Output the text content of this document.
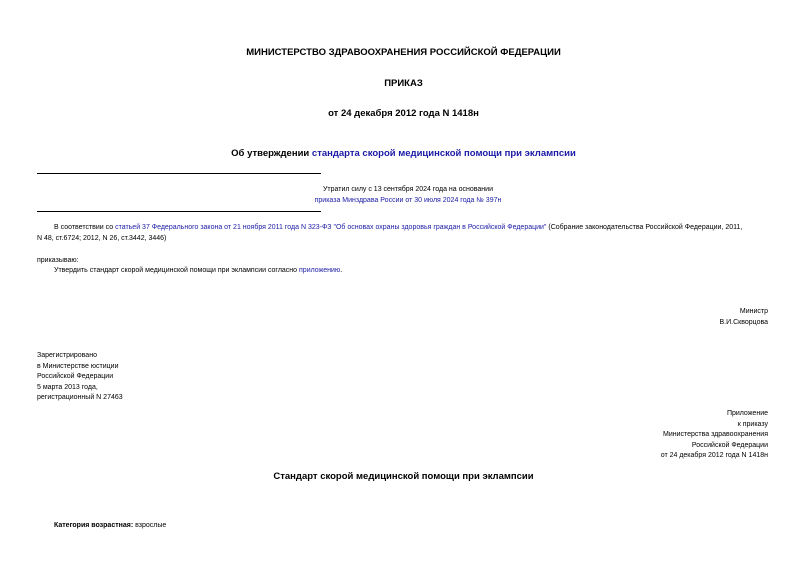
МИНИСТЕРСТВО ЗДРАВООХРАНЕНИЯ РОССИЙСКОЙ ФЕДЕРАЦИИ
ПРИКАЗ
от 24 декабря 2012 года N 1418н
Об утверждении стандарта скорой медицинской помощи при эклампсии
Утратил силу с 13 сентября 2024 года на основании
приказа Минздрава России от 30 июля 2024 года № 397н
В соответствии со статьей 37 Федерального закона от 21 ноября 2011 года N 323-ФЗ "Об основах охраны здоровья граждан в Российской Федерации" (Собрание законодательства Российской Федерации, 2011,
N 48, ст.6724; 2012, N 26, ст.3442, 3446)
приказываю:
Утвердить стандарт скорой медицинской помощи при эклампсии согласно приложению.
Министр
В.И.Скворцова
Зарегистрировано
в Министерстве юстиции
Российской Федерации
5 марта 2013 года,
регистрационный N 27463
Приложение
к приказу
Министерства здравоохранения
Российской Федерации
от 24 декабря 2012 года N 1418н
Стандарт скорой медицинской помощи при эклампсии
Категория возрастная: взрослые
